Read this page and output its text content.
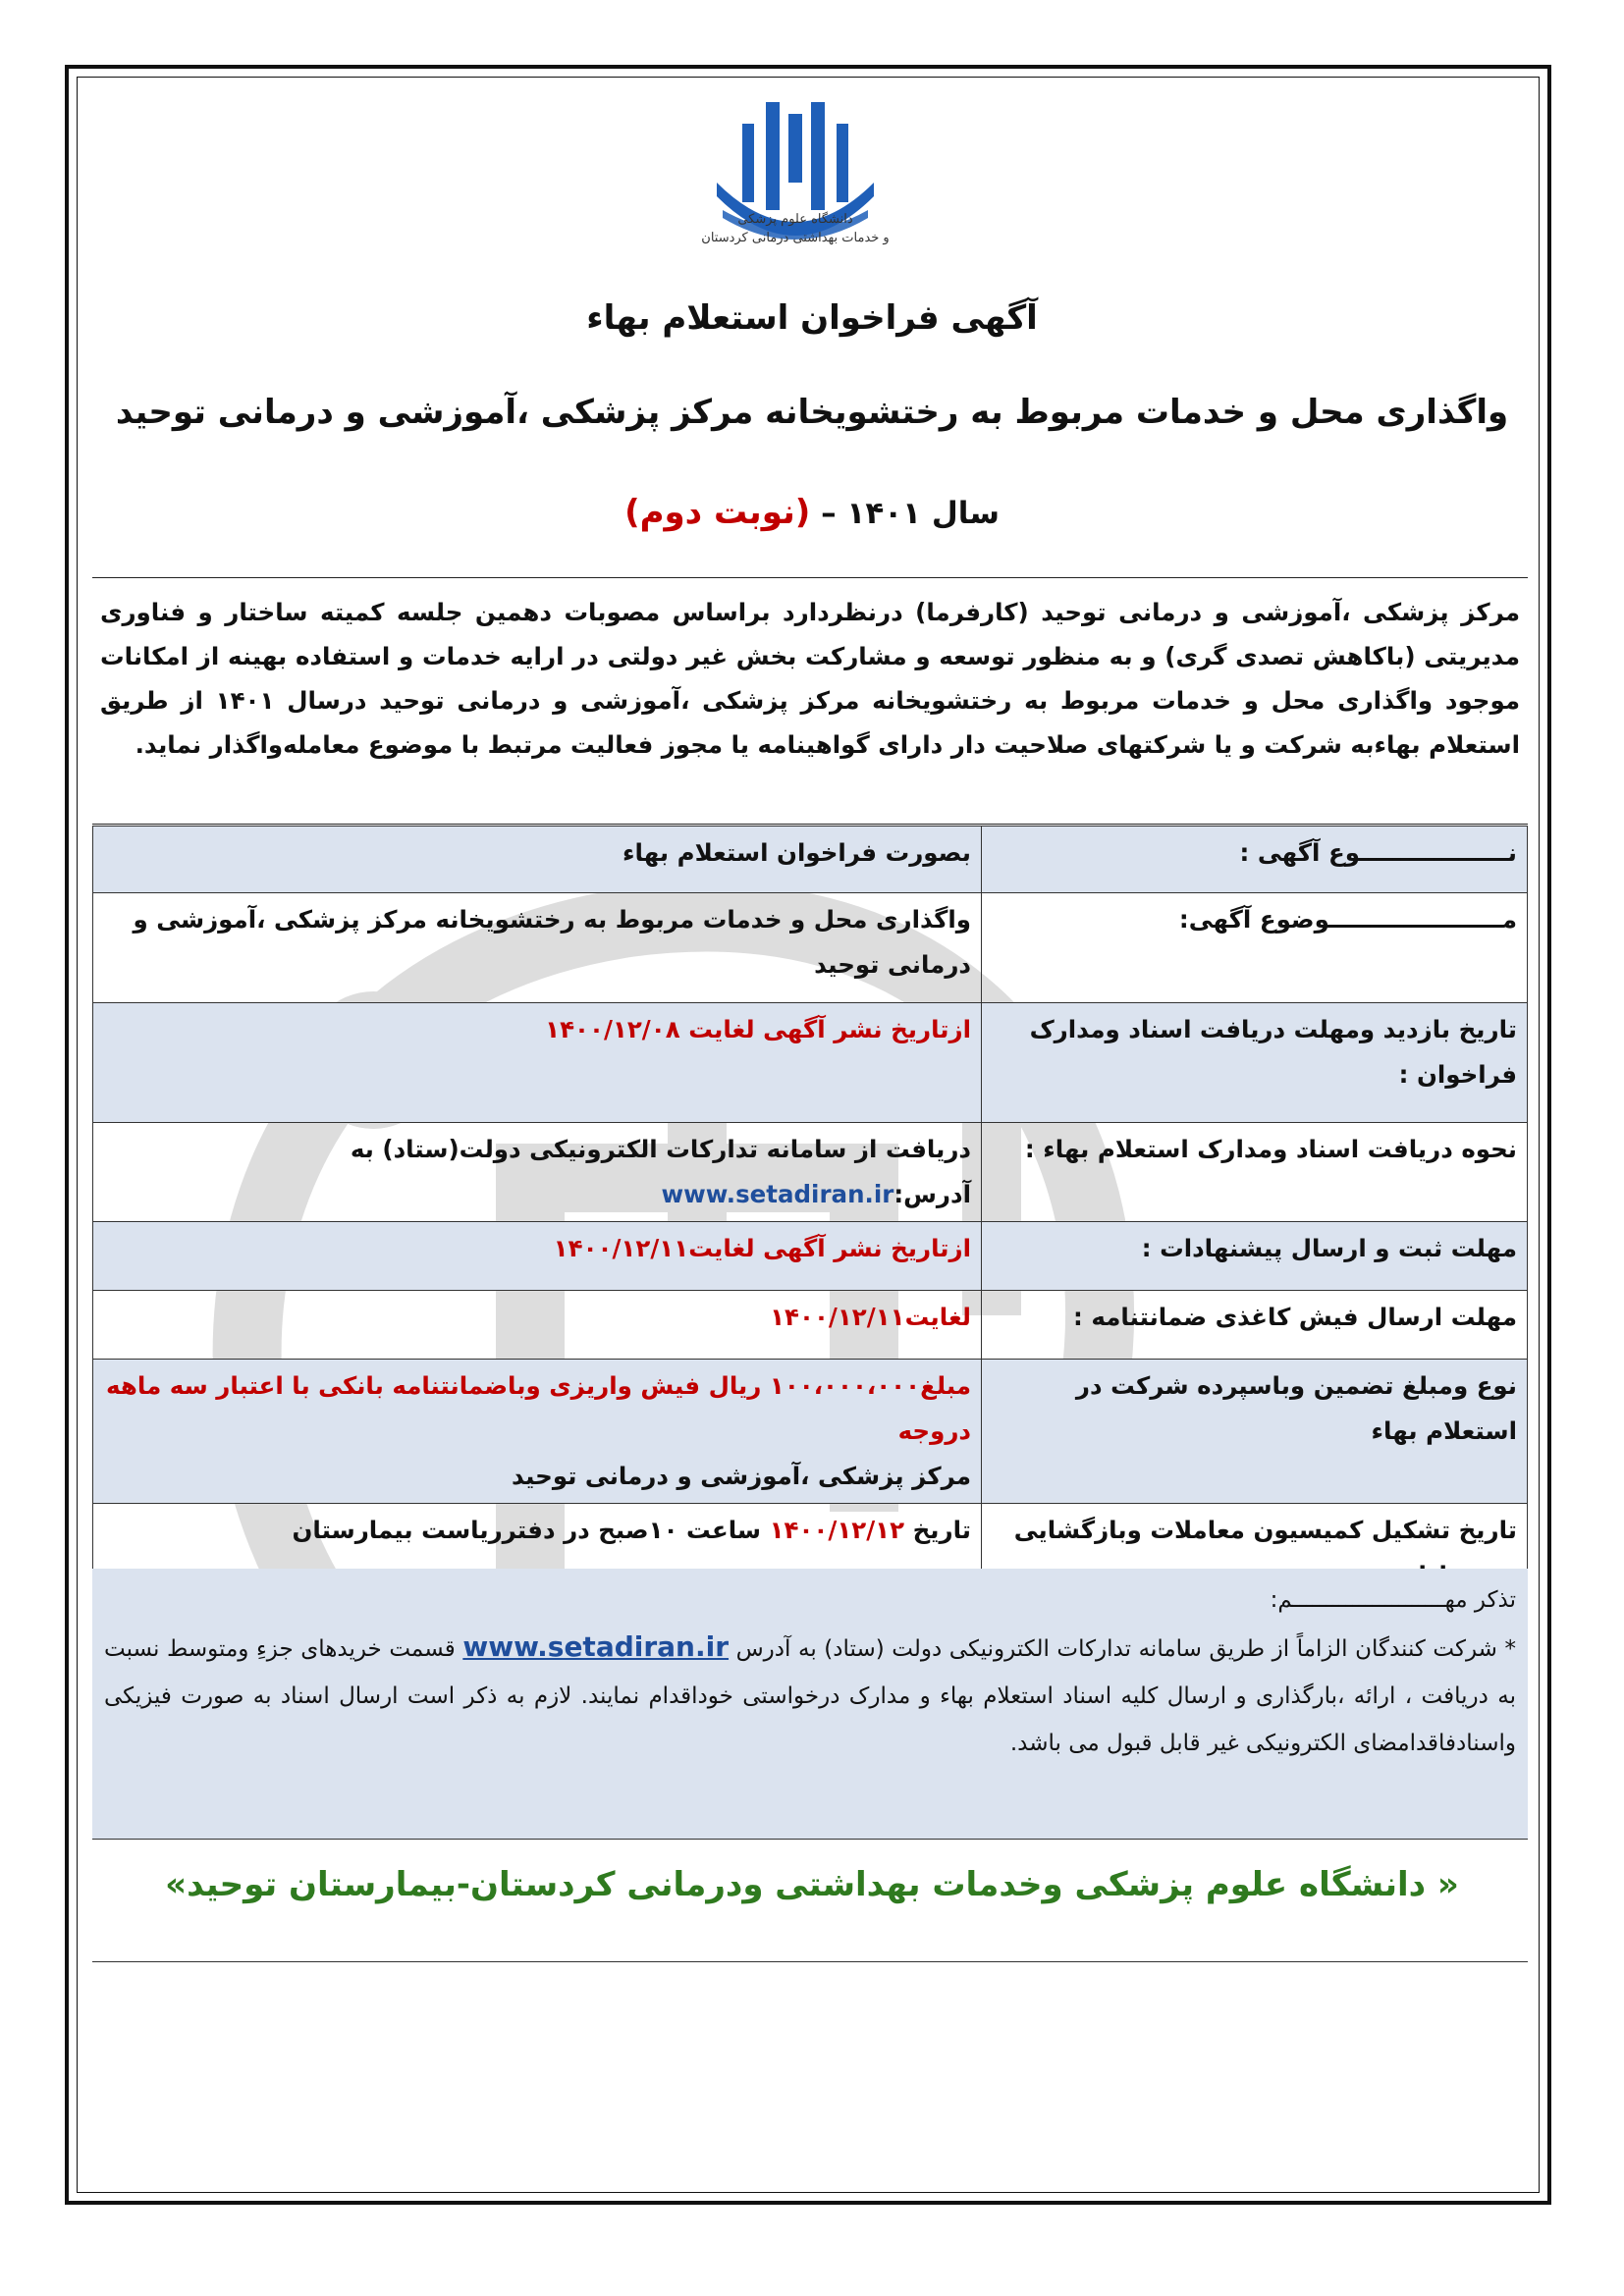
دانشگاه علوم پزشکی
و خدمات بهداشتی درمانی کردستان
آگهی فراخوان استعلام بهاء
واگذاری محل و خدمات مربوط به رختشویخانه مرکز پزشکی ،آموزشی و درمانی توحید
سال ۱۴۰۱ – (نوبت دوم)
مرکز پزشکی ،آموزشی و درمانی توحید (کارفرما) درنظردارد براساس مصوبات دهمین جلسه کمیته ساختار و فناوری مدیریتی (باکاهش تصدی گری) و به منظور توسعه و مشارکت بخش غیر دولتی در ارایه خدمات و استفاده بهینه از امکانات موجود واگذاری محل و خدمات مربوط به رختشویخانه مرکز پزشکی ،آموزشی و درمانی توحید درسال ۱۴۰۱ از طریق استعلام بهاءبه شرکت و یا شرکتهای صلاحیت دار دارای گواهینامه یا مجوز فعالیت مرتبط با موضوع معامله‌واگذار نماید.
نــــــــــــــــــوع آگهی :	بصورت فراخوان استعلام بهاء
مـــــــــــــــــــــوضوع آگهی:	واگذاری محل و خدمات مربوط به رختشویخانه مرکز پزشکی ،آموزشی و درمانی توحید
تاریخ بازدید ومهلت دریافت اسناد ومدارک فراخوان :	ازتاریخ نشر آگهی لغایت ۱۴۰۰/۱۲/۰۸
نحوه دریافت اسناد ومدارک استعلام بهاء :	دریافت از سامانه تدارکات الکترونیکی دولت(ستاد) به آدرس:www.setadiran.ir
مهلت ثبت و ارسال پیشنهادات :	ازتاریخ نشر آگهی لغایت۱۴۰۰/۱۲/۱۱
مهلت ارسال فیش کاغذی ضمانتنامه :	لغایت۱۴۰۰/۱۲/۱۱
نوع ومبلغ تضمین وباسپرده شرکت در استعلام بهاء	مبلغ۱۰۰،۰۰۰،۰۰۰ ریال فیش واریزی وباضمانتنامه بانکی با اعتبار سه ماهه دروجه
مرکز پزشکی ،آموزشی و درمانی توحید

تاریخ تشکیل کمیسیون معاملات وبازگشایی	تاریخ ۱۴۰۰/۱۲/۱۲ ساعت ۱۰صبح در دفترریاست بیمارستان
تذکر مهـــــــــــــــــــــــم:
* شرکت کنندگان الزاماً از طریق سامانه تدارکات الکترونیکی دولت (ستاد) به آدرس www.setadiran.ir قسمت خریدهای جزءِ ومتوسط نسبت به دریافت ، ارائه ،بارگذاری و ارسال کلیه اسناد استعلام بهاء و مدارک درخواستی خوداقدام نمایند. لازم به ذکر است ارسال اسناد به صورت فیزیکی واسنادفاقدامضای الکترونیکی غیر قابل قبول می باشد.
« دانشگاه علوم پزشکی وخدمات بهداشتی ودرمانی کردستان-بیمارستان توحید»
